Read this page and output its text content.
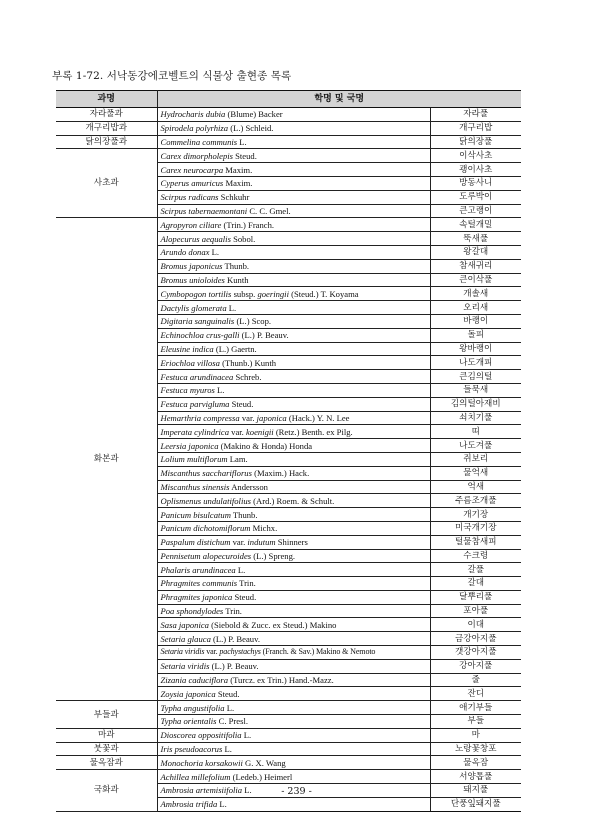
부록 1-72. 서낙동강에코벨트의 식물상 출현종 목록
과명	학명 및 국명	
자라풀과	Hydrocharis dubia (Blume) Backer	자라풀
개구리밥과	Spirodela polyrhiza (L.) Schleid.	개구리밥
닭의장풀과	Commelina communis L.	닭의장풀
사초과	Carex dimorpholepis Steud.	이삭사초
	Carex neurocarpa Maxim.	괭이사초
	Cyperus amuricus Maxim.	방동사니
	Scirpus radicans Schkuhr	도루박이
	Scirpus tabernaemontani C. C. Gmel.	큰고랭이
화본과	Agropyron ciliare (Trin.) Franch.	속털개밀
	Alopecurus aequalis Sobol.	뚝새풀
	Arundo donax L.	왕갈대
	Bromus japonicus Thunb.	참새귀리
	Bromus unioloides Kunth	큰이삭풀
	Cymbopogon tortilis subsp. goeringii (Steud.) T. Koyama	개솔새
	Dactylis glomerata L.	오리새
	Digitaria sanguinalis (L.) Scop.	바랭이
	Echinochloa crus-galli (L.) P. Beauv.	돌피
	Eleusine indica (L.) Gaertn.	왕바랭이
	Eriochloa villosa (Thunb.) Kunth	나도개피
	Festuca arundinacea Schreb.	큰김의털
	Festuca myuros L.	들묵새
	Festuca parvigluma Steud.	김의털아재비
	Hemarthria compressa var. japonica (Hack.) Y. N. Lee	쇠치기풀
	Imperata cylindrica var. koenigii (Retz.) Benth. ex Pilg.	띠
	Leersia japonica (Makino & Honda) Honda	나도겨풀
	Lolium multiflorum Lam.	쥐보리
	Miscanthus sacchariflorus (Maxim.) Hack.	물억새
	Miscanthus sinensis Andersson	억새
	Oplismenus undulatifolius (Ard.) Roem. & Schult.	주름조개풀
	Panicum bisulcatum Thunb.	개기장
	Panicum dichotomiflorum Michx.	미국개기장
	Paspalum distichum var. indutum Shinners	털물참새피
	Pennisetum alopecuroides (L.) Spreng.	수크령
	Phalaris arundinacea L.	갈풀
	Phragmites communis Trin.	갈대
	Phragmites japonica Steud.	달뿌리풀
	Poa sphondylodes Trin.	포아풀
	Sasa japonica (Siebold & Zucc. ex Steud.) Makino	이대
	Setaria glauca (L.) P. Beauv.	금강아지풀
	Setaria viridis var. pachystachys (Franch. & Sav.) Makino & Nemoto	갯강아지풀
	Setaria viridis (L.) P. Beauv.	강아지풀
	Zizania caduciflora (Turcz. ex Trin.) Hand.-Mazz.	줄
	Zoysia japonica Steud.	잔디
부들과	Typha angustifolia L.	애기부들
	Typha orientalis C. Presl.	부들
마과	Dioscorea oppositifolia L.	마
붓꽃과	Iris pseudoacorus L.	노랑꽃창포
물옥잠과	Monochoria korsakowii G. X. Wang	물옥잠
국화과	Achillea millefolium (Ledeb.) Heimerl	서양톱풀
	Ambrosia artemisiifolia L.	돼지풀
	Ambrosia trifida L.	단풍잎돼지풀
- 239 -
